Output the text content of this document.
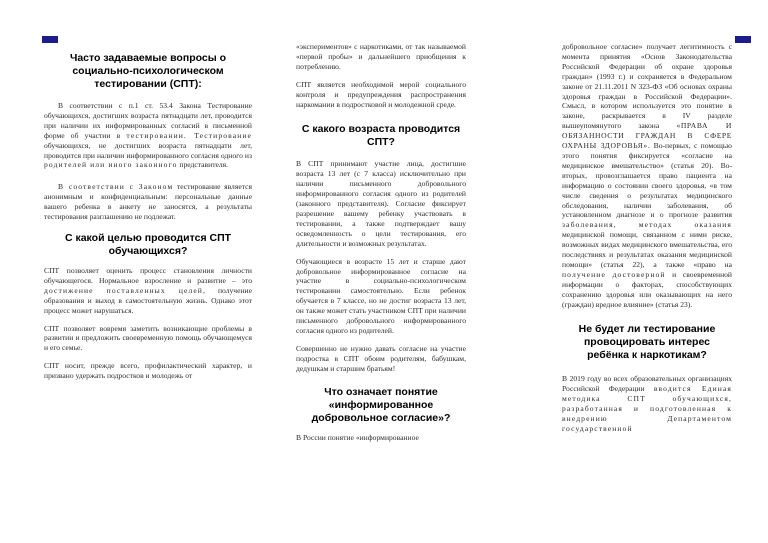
Часто задаваемые вопросы о социально-психологическом тестировании (СПТ):

В соответствии с п.1 ст. 53.4 Закона Тестирование обучающихся, достигших возраста пятнадцати лет, проводится при наличии их информированных согласий в письменной форме об участии в тестировании. Тестирование обучающихся, не достигших возраста пятнадцати лет, проводится при наличии информированного согласия одного из родителей или иного законного представителя.

В соответствии с Законом тестирование является анонимным и конфиденциальным: персональные данные вашего ребенка в анкету не заносятся, а результаты тестирования разглашению не подлежат.

С какой целью проводится СПТ обучающихся?

СПТ позволяет оценить процесс становления личности обучающегося. Нормальное взросление и развитие – это достижение поставленных целей, получение образования и выход в самостоятельную жизнь. Однако этот процесс может нарушаться.

СПТ позволяет вовремя заметить возникающие проблемы в развитии и предложить своевременную помощь обучающемуся и его семье.

СПТ носит, прежде всего, профилактический характер, и призвано удержать подростков и молодежь от

«экспериментов» с наркотиками, от так называемой «первой пробы» и дальнейшего приобщения к потреблению.

СПТ является необходимой мерой социального контроля и предупреждения распространения наркомании в подростковой и молодежной среде.

С какого возраста проводится СПТ?

В СПТ принимают участие лица, достигшие возраста 13 лет (с 7 класса) исключительно при наличии письменного добровольного информированного согласия одного из родителей (законного представителя). Согласие фиксирует разрешение вашему ребенку участвовать в тестировании, а также подтверждает вашу осведомленность о цели тестирования, его длительности и возможных результатах.

Обучающиеся в возрасте 15 лет и старше дают добровольное информированное согласие на участие в социально-психологическом тестировании самостоятельно. Если ребенок обучается в 7 классе, но не достиг возраста 13 лет, он также может стать участником СПТ при наличии письменного добровольного информированного согласия одного из родителей.

Совершенно не нужно давать согласие на участие подростка в СПТ обоим родителям, бабушкам, дедушкам и старшим братьям!

Что означает понятие «информированное добровольное согласие»?

В России понятие «информированное

добровольное согласие» получает легитимность с момента принятия «Основ Законодательства Российской Федерации об охране здоровья граждан» (1993 г.) и сохраняется в Федеральном законе от 21.11.2011 N 323-ФЗ «Об основах охраны здоровья граждан в Российской Федерации». Смысл, в котором используется это понятие в законе, раскрывается в IV разделе вышеупомянутого закона «ПРАВА И ОБЯЗАННОСТИ ГРАЖДАН В СФЕРЕ ОХРАНЫ ЗДОРОВЬЯ». Во-первых, с помощью этого понятия фиксируется «согласие на медицинское вмешательство» (статья 20). Во-вторых, провозглашается право пациента на информацию о состоянии своего здоровья, «в том числе сведения о результатах медицинского обследования, наличии заболевания, об установленном диагнозе и о прогнозе развития заболевания, методах оказания медицинской помощи, связанном с ними риске, возможных видах медицинского вмешательства, его последствиях и результатах оказания медицинской помощи» (статья 22), а также «право на получение достоверной и своевременной информации о факторах, способствующих сохранению здоровья или оказывающих на него (граждан) вредное влияние» (статья 23).

Не будет ли тестирование провоцировать интерес ребёнка к наркотикам?

В 2019 году во всех образовательных организациях Российской Федерации вводится Единая методика СПТ обучающихся, разработанная и подготовленная к внедрению Департаментом государственной
